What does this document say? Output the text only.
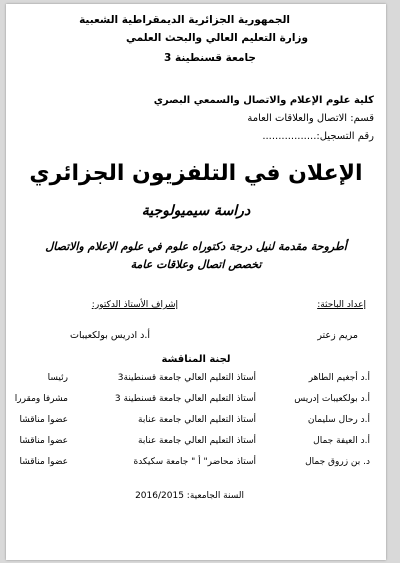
الجمهورية الجزائرية الديمقراطية الشعبية
وزارة التعليم العالي والبحث العلمي
جامعة قسنطينة 3
كلية علوم الإعلام والاتصال والسمعي البصري
قسم: الاتصال والعلاقات العامة
رقم التسجيل:.................
الإعلان في التلفزيون الجزائري
دراسة سيميولوجية
أطروحة مقدمة لنيل درجة دكتوراه علوم في علوم الإعلام والاتصال
تخصص اتصال وعلاقات عامة
إعداد الباحثة:
إشراف الأستاذ الدكتور:
مريم زعتر
أ.د ادريس بولكعيبات
لجنة المناقشة
أ.د أجغيم الطاهر
أستاذ التعليم العالي جامعة قسنطينة3
رئيسا
أ.د بولكعيبات إدريس
أستاذ التعليم العالي جامعة قسنطينة 3
مشرفا ومقررا
أ.د رحال سليمان
أستاذ التعليم العالي جامعة عنابة
عضوا مناقشا
أ.د العيفة جمال
أستاذ التعليم العالي جامعة عنابة
عضوا مناقشا
د. بن زروق جمال
أستاذ محاضر" أ " جامعة سكيكدة
عضوا مناقشا
السنة الجامعية: 2016/2015
